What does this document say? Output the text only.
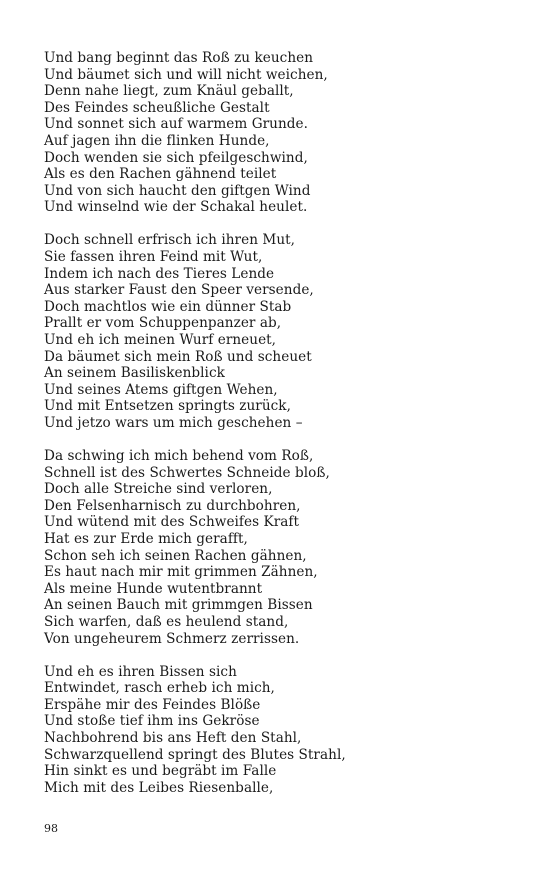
Und bang beginnt das Roß zu keuchen
Und bäumet sich und will nicht weichen,
Denn nahe liegt, zum Knäul geballt,
Des Feindes scheußliche Gestalt
Und sonnet sich auf warmem Grunde.
Auf jagen ihn die flinken Hunde,
Doch wenden sie sich pfeilgeschwind,
Als es den Rachen gähnend teilet
Und von sich haucht den giftgen Wind
Und winselnd wie der Schakal heulet.
Doch schnell erfrisch ich ihren Mut,
Sie fassen ihren Feind mit Wut,
Indem ich nach des Tieres Lende
Aus starker Faust den Speer versende,
Doch machtlos wie ein dünner Stab
Prallt er vom Schuppenpanzer ab,
Und eh ich meinen Wurf erneuet,
Da bäumet sich mein Roß und scheuet
An seinem Basiliskenblick
Und seines Atems giftgen Wehen,
Und mit Entsetzen springts zurück,
Und jetzo wars um mich geschehen –
Da schwing ich mich behend vom Roß,
Schnell ist des Schwertes Schneide bloß,
Doch alle Streiche sind verloren,
Den Felsenharnisch zu durchbohren,
Und wütend mit des Schweifes Kraft
Hat es zur Erde mich gerafft,
Schon seh ich seinen Rachen gähnen,
Es haut nach mir mit grimmen Zähnen,
Als meine Hunde wutentbrannt
An seinen Bauch mit grimmgen Bissen
Sich warfen, daß es heulend stand,
Von ungeheurem Schmerz zerrissen.
Und eh es ihren Bissen sich
Entwindet, rasch erheb ich mich,
Erspähe mir des Feindes Blöße
Und stoße tief ihm ins Gekröse
Nachbohrend bis ans Heft den Stahl,
Schwarzquellend springt des Blutes Strahl,
Hin sinkt es und begräbt im Falle
Mich mit des Leibes Riesenballe,
98
